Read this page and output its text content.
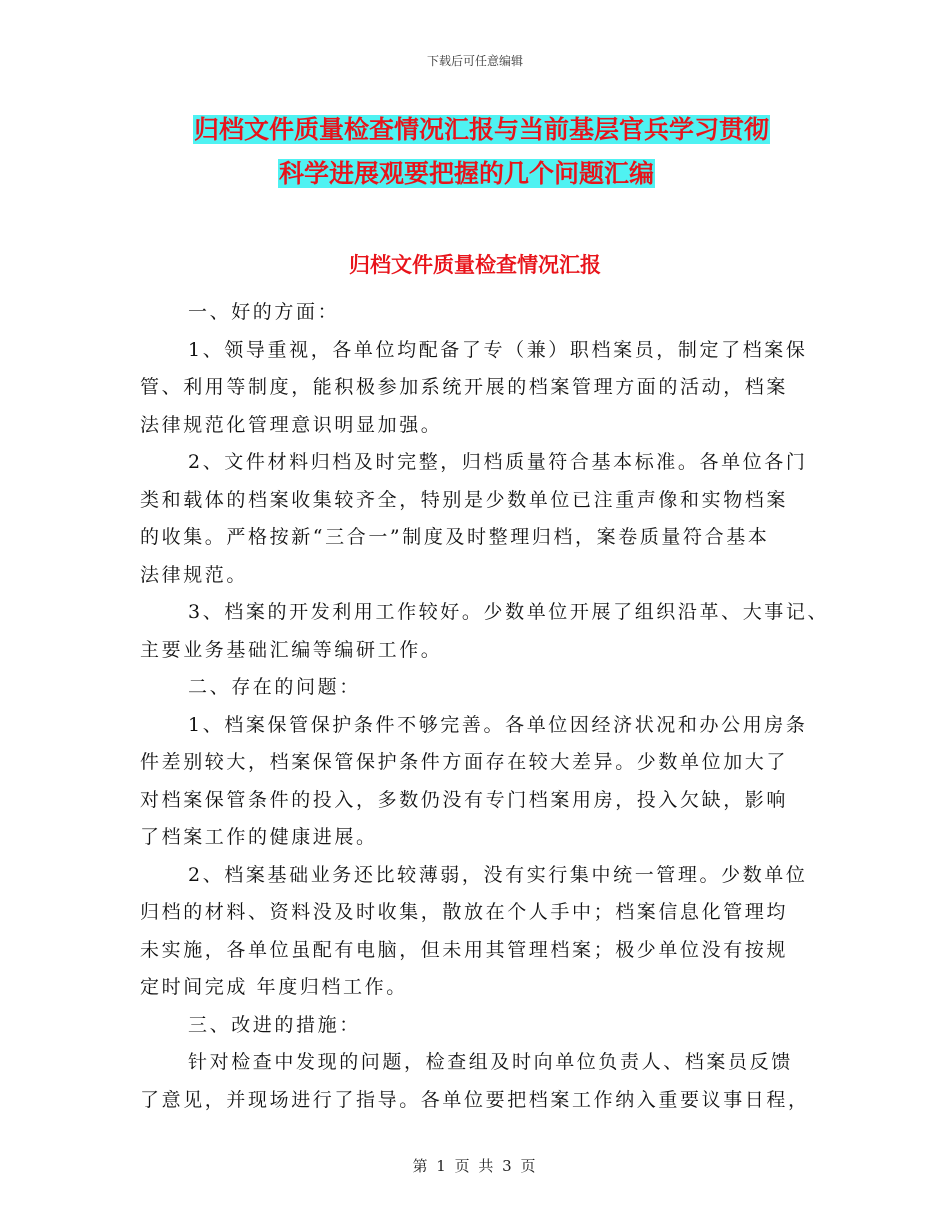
下载后可任意编辑
归档文件质量检查情况汇报与当前基层官兵学习贯彻
科学进展观要把握的几个问题汇编
归档文件质量检查情况汇报
一、好的方面：
1、领导重视，各单位均配备了专（兼）职档案员，制定了档案保
管、利用等制度，能积极参加系统开展的档案管理方面的活动，档案
法律规范化管理意识明显加强。
2、文件材料归档及时完整，归档质量符合基本标准。各单位各门
类和载体的档案收集较齐全，特别是少数单位已注重声像和实物档案
的收集。严格按新“三合一”制度及时整理归档，案卷质量符合基本
法律规范。
3、档案的开发利用工作较好。少数单位开展了组织沿革、大事记、
主要业务基础汇编等编研工作。
二、存在的问题：
1、档案保管保护条件不够完善。各单位因经济状况和办公用房条
件差别较大，档案保管保护条件方面存在较大差异。少数单位加大了
对档案保管条件的投入，多数仍没有专门档案用房，投入欠缺，影响
了档案工作的健康进展。
2、档案基础业务还比较薄弱，没有实行集中统一管理。少数单位
归档的材料、资料没及时收集，散放在个人手中；档案信息化管理均
未实施，各单位虽配有电脑，但未用其管理档案；极少单位没有按规
定时间完成 年度归档工作。
三、改进的措施：
针对检查中发现的问题，检查组及时向单位负责人、档案员反馈
了意见，并现场进行了指导。各单位要把档案工作纳入重要议事日程，
第 1 页 共 3 页
